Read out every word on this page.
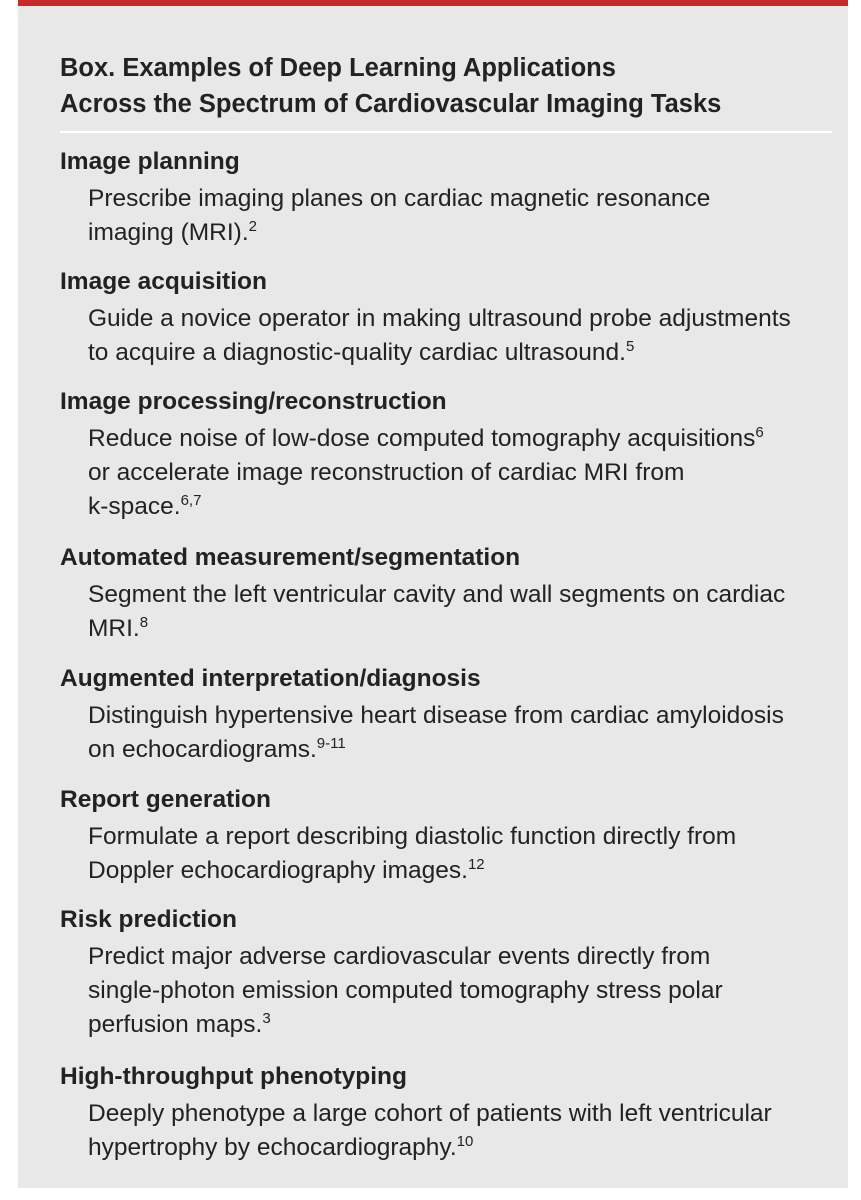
Box. Examples of Deep Learning Applications
Across the Spectrum of Cardiovascular Imaging Tasks
Image planning
Prescribe imaging planes on cardiac magnetic resonance
imaging (MRI).$^2$
Image acquisition
Guide a novice operator in making ultrasound probe adjustments
to acquire a diagnostic-quality cardiac ultrasound.$^5$
Image processing/reconstruction
Reduce noise of low-dose computed tomography acquisitions$^6$
or accelerate image reconstruction of cardiac MRI from
k-space.$^{6,7}$
Automated measurement/segmentation
Segment the left ventricular cavity and wall segments on cardiac
MRI.$^8$
Augmented interpretation/diagnosis
Distinguish hypertensive heart disease from cardiac amyloidosis
on echocardiograms.$^{9-11}$
Report generation
Formulate a report describing diastolic function directly from
Doppler echocardiography images.$^{12}$
Risk prediction
Predict major adverse cardiovascular events directly from
single-photon emission computed tomography stress polar
perfusion maps.$^3$
High-throughput phenotyping
Deeply phenotype a large cohort of patients with left ventricular
hypertrophy by echocardiography.$^{10}$
